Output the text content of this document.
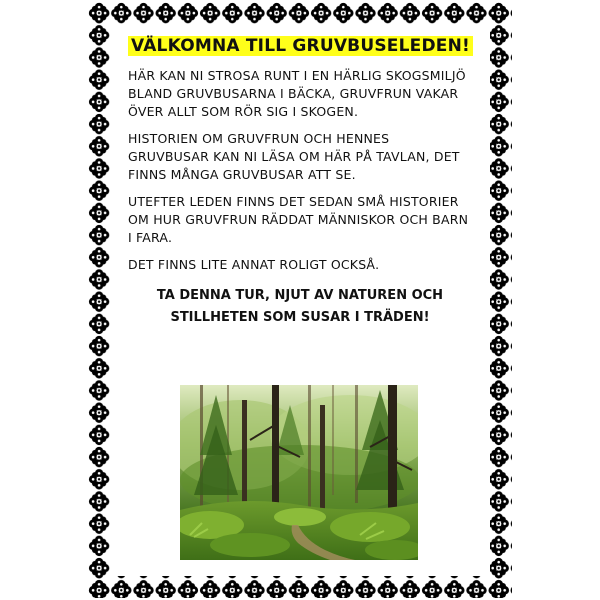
VÄLKOMNA TILL GRUVBUSELEDEN!

HÄR KAN NI STROSA RUNT I EN HÄRLIG SKOGSMILJÖ BLAND GRUVBUSARNA I BÄCKA, GRUVFRUN VAKAR ÖVER ALLT SOM RÖR SIG I SKOGEN.

HISTORIEN OM GRUVFRUN OCH HENNES GRUVBUSAR KAN NI LÄSA OM HÄR PÅ TAVLAN, DET FINNS MÅNGA GRUVBUSAR ATT SE.

UTEFTER LEDEN FINNS DET SEDAN SMÅ HISTORIER OM HUR GRUVFRUN RÄDDAT MÄNNISKOR OCH BARN I FARA.

DET FINNS LITE ANNAT ROLIGT OCKSÅ.

TA DENNA TUR, NJUT AV NATUREN OCH
STILLHETEN SOM SUSAR I TRÄDEN!
